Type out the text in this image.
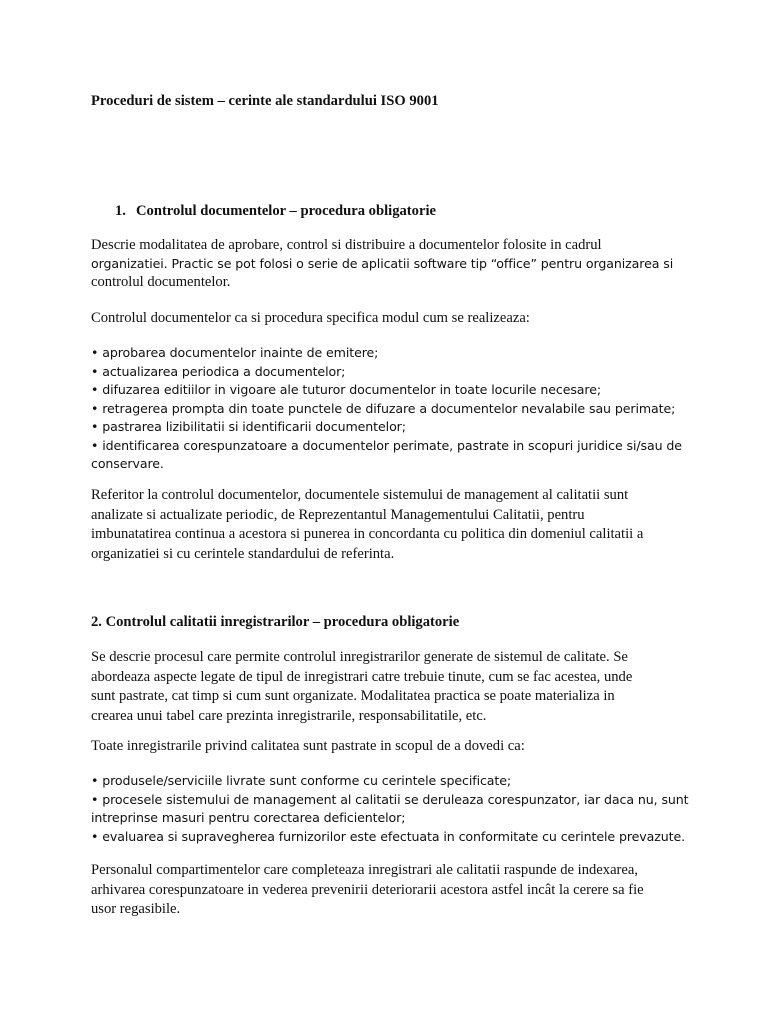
Proceduri de sistem – cerinte ale standardului ISO 9001
1. Controlul documentelor – procedura obligatorie
Descrie modalitatea de aprobare, control si distribuire a documentelor folosite in cadrul
organizatiei. Practic se pot folosi o serie de aplicatii software tip “office” pentru organizarea si
controlul documentelor.
Controlul documentelor ca si procedura specifica modul cum se realizeaza:
• aprobarea documentelor inainte de emitere;
• actualizarea periodica a documentelor;
• difuzarea editiilor in vigoare ale tuturor documentelor in toate locurile necesare;
• retragerea prompta din toate punctele de difuzare a documentelor nevalabile sau perimate;
• pastrarea lizibilitatii si identificarii documentelor;
• identificarea corespunzatoare a documentelor perimate, pastrate in scopuri juridice si/sau de
conservare.
Referitor la controlul documentelor, documentele sistemului de management al calitatii sunt
analizate si actualizate periodic, de Reprezentantul Managementului Calitatii, pentru
imbunatatirea continua a acestora si punerea in concordanta cu politica din domeniul calitatii a
organizatiei si cu cerintele standardului de referinta.
2. Controlul calitatii inregistrarilor – procedura obligatorie
Se descrie procesul care permite controlul inregistrarilor generate de sistemul de calitate. Se
abordeaza aspecte legate de tipul de inregistrari catre trebuie tinute, cum se fac acestea, unde
sunt pastrate, cat timp si cum sunt organizate. Modalitatea practica se poate materializa in
crearea unui tabel care prezinta inregistrarile, responsabilitatile, etc.
Toate inregistrarile privind calitatea sunt pastrate in scopul de a dovedi ca:
• produsele/serviciile livrate sunt conforme cu cerintele specificate;
• procesele sistemului de management al calitatii se deruleaza corespunzator, iar daca nu, sunt
intreprinse masuri pentru corectarea deficientelor;
• evaluarea si supravegherea furnizorilor este efectuata in conformitate cu cerintele prevazute.
Personalul compartimentelor care completeaza inregistrari ale calitatii raspunde de indexarea,
arhivarea corespunzatoare in vederea prevenirii deteriorarii acestora astfel incât la cerere sa fie
usor regasibile.
